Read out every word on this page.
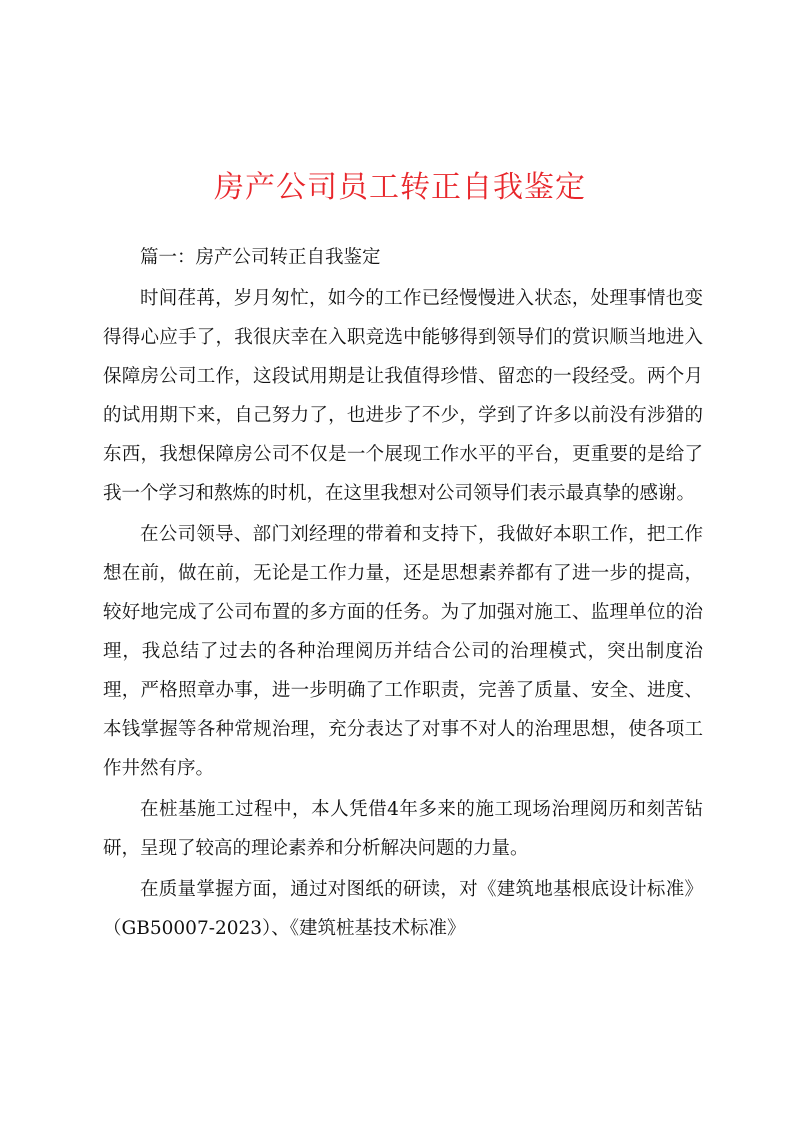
房产公司员工转正自我鉴定

篇一：房产公司转正自我鉴定

时间荏苒，岁月匆忙，如今的工作已经慢慢进入状态，处理事情也变得得心应手了，我很庆幸在入职竞选中能够得到领导们的赏识顺当地进入保障房公司工作，这段试用期是让我值得珍惜、留恋的一段经受。两个月的试用期下来，自己努力了，也进步了不少，学到了许多以前没有涉猎的东西，我想保障房公司不仅是一个展现工作水平的平台，更重要的是给了我一个学习和熬炼的时机，在这里我想对公司领导们表示最真挚的感谢。

在公司领导、部门刘经理的带着和支持下，我做好本职工作，把工作想在前，做在前，无论是工作力量，还是思想素养都有了进一步的提高，较好地完成了公司布置的多方面的任务。为了加强对施工、监理单位的治理，我总结了过去的各种治理阅历并结合公司的治理模式，突出制度治理，严格照章办事，进一步明确了工作职责，完善了质量、安全、进度、本钱掌握等各种常规治理，充分表达了对事不对人的治理思想，使各项工作井然有序。

在桩基施工过程中，本人凭借4年多来的施工现场治理阅历和刻苦钻研，呈现了较高的理论素养和分析解决问题的力量。

在质量掌握方面，通过对图纸的研读，对《建筑地基根底设计标准》（GB50007-2023）、《建筑桩基技术标准》
